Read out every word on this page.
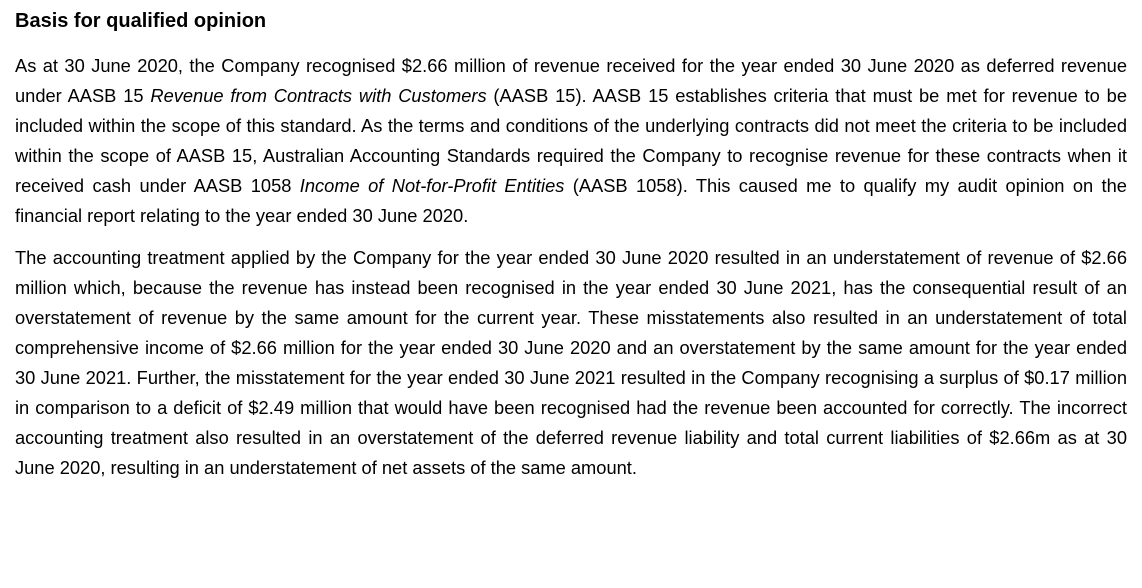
Basis for qualified opinion

As at 30 June 2020, the Company recognised $2.66 million of revenue received for the year ended 30 June 2020 as deferred revenue under AASB 15 Revenue from Contracts with Customers (AASB 15). AASB 15 establishes criteria that must be met for revenue to be included within the scope of this standard. As the terms and conditions of the underlying contracts did not meet the criteria to be included within the scope of AASB 15, Australian Accounting Standards required the Company to recognise revenue for these contracts when it received cash under AASB 1058 Income of Not-for-Profit Entities (AASB 1058). This caused me to qualify my audit opinion on the financial report relating to the year ended 30 June 2020.

The accounting treatment applied by the Company for the year ended 30 June 2020 resulted in an understatement of revenue of $2.66 million which, because the revenue has instead been recognised in the year ended 30 June 2021, has the consequential result of an overstatement of revenue by the same amount for the current year. These misstatements also resulted in an understatement of total comprehensive income of $2.66 million for the year ended 30 June 2020 and an overstatement by the same amount for the year ended 30 June 2021. Further, the misstatement for the year ended 30 June 2021 resulted in the Company recognising a surplus of $0.17 million in comparison to a deficit of $2.49 million that would have been recognised had the revenue been accounted for correctly. The incorrect accounting treatment also resulted in an overstatement of the deferred revenue liability and total current liabilities of $2.66m as at 30 June 2020, resulting in an understatement of net assets of the same amount.
